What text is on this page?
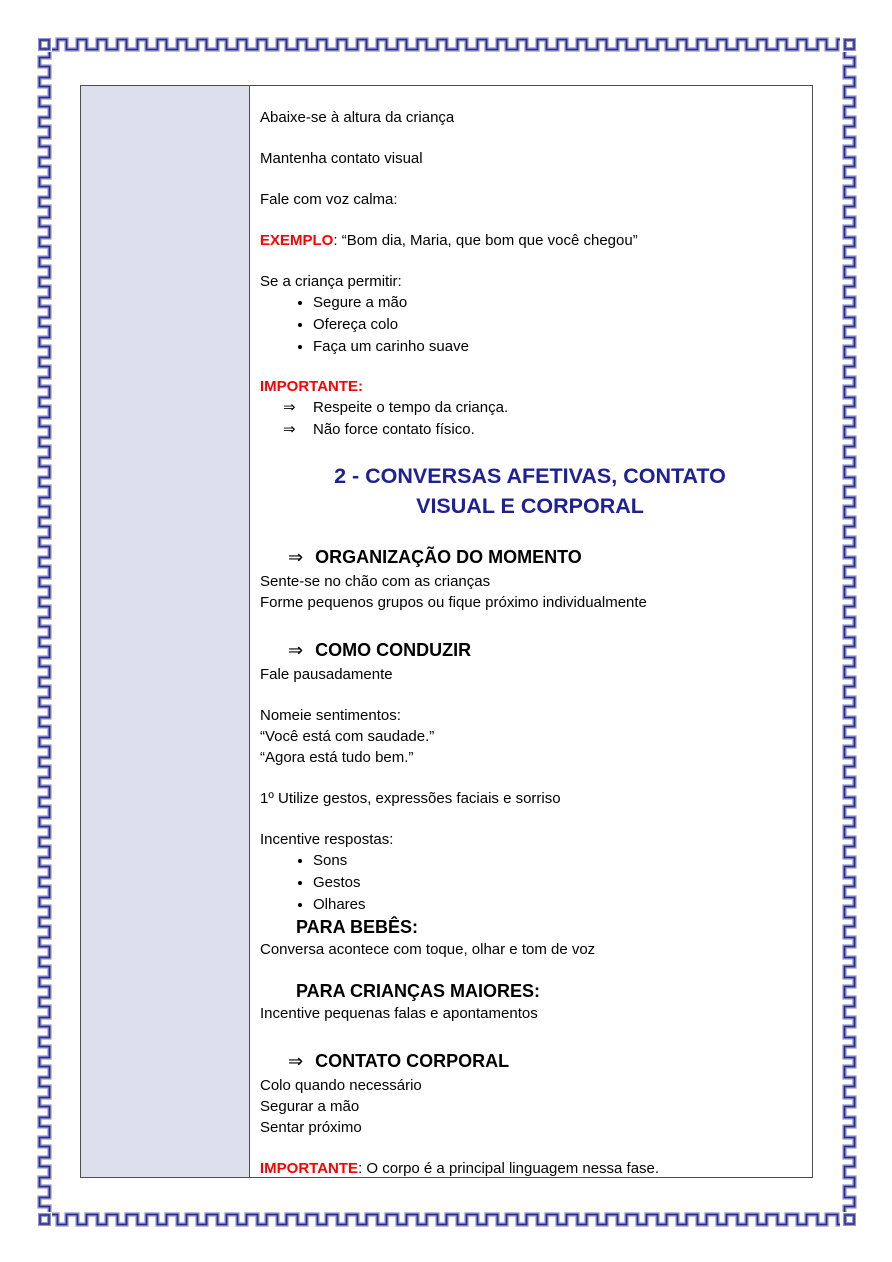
Abaixe-se à altura da criança
Mantenha contato visual
Fale com voz calma:
EXEMPLO: “Bom dia, Maria, que bom que você chegou”
Se a criança permitir:
• Segure a mão
• Ofereça colo
• Faça um carinho suave
IMPORTANTE:
⇒ Respeite o tempo da criança.
⇒ Não force contato físico.
2 - CONVERSAS AFETIVAS, CONTATO
VISUAL E CORPORAL
⇒ ORGANIZAÇÃO DO MOMENTO
Sente-se no chão com as crianças
Forme pequenos grupos ou fique próximo individualmente
⇒ COMO CONDUZIR
Fale pausadamente
Nomeie sentimentos:
“Você está com saudade.”
“Agora está tudo bem.”
1º Utilize gestos, expressões faciais e sorriso
Incentive respostas:
• Sons
• Gestos
• Olhares
PARA BEBÊS:
Conversa acontece com toque, olhar e tom de voz
PARA CRIANÇAS MAIORES:
Incentive pequenas falas e apontamentos
⇒ CONTATO CORPORAL
Colo quando necessário
Segurar a mão
Sentar próximo
IMPORTANTE: O corpo é a principal linguagem nessa fase.
